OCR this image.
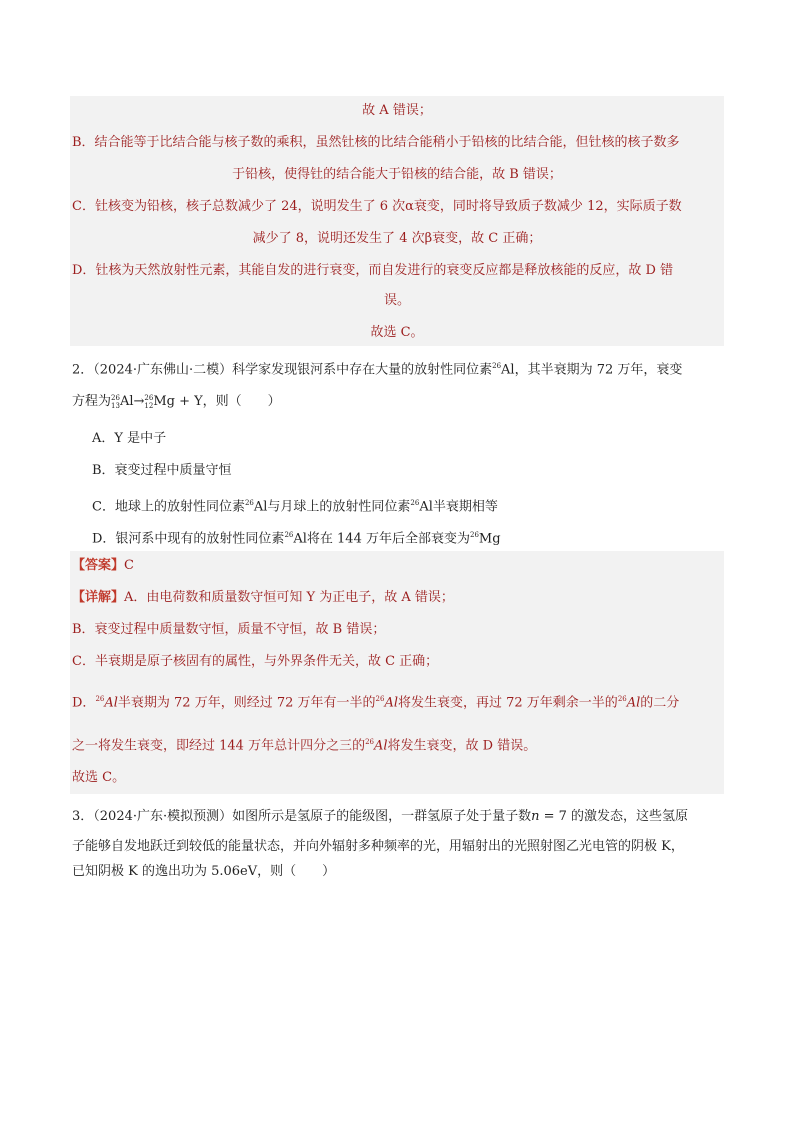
故 A 错误；
B．结合能等于比结合能与核子数的乘积，虽然钍核的比结合能稍小于铅核的比结合能，但钍核的核子数多
于铅核，使得钍的结合能大于铅核的结合能，故 B 错误；
C．钍核变为铅核，核子总数减少了 24，说明发生了 6 次α衰变，同时将导致质子数减少 12，实际质子数
减少了 8，说明还发生了 4 次β衰变，故 C 正确；
D．钍核为天然放射性元素，其能自发的进行衰变，而自发进行的衰变反应都是释放核能的反应，故 D 错
误。
故选 C。
2．（2024·广东佛山·二模）科学家发现银河系中存在大量的放射性同位素$^{26}$Al，其半衰期为 72 万年，衰变
方程为26
13Al→26
12Mg + Y，则（　　）
A．Y 是中子
B．衰变过程中质量守恒
C．地球上的放射性同位素$^{26}$Al与月球上的放射性同位素$^{26}$Al半衰期相等
D．银河系中现有的放射性同位素$^{26}$Al将在 144 万年后全部衰变为$^{26}$Mg
【答案】C
【详解】A．由电荷数和质量数守恒可知 Y 为正电子，故 A 错误；
B．衰变过程中质量数守恒，质量不守恒，故 B 错误；
C．半衰期是原子核固有的属性，与外界条件无关，故 C 正确；
D．$^{26}$Al半衰期为 72 万年，则经过 72 万年有一半的$^{26}$Al将发生衰变，再过 72 万年剩余一半的$^{26}$Al的二分
之一将发生衰变，即经过 144 万年总计四分之三的$^{26}$Al将发生衰变，故 D 错误。
故选 C。
3．（2024·广东·模拟预测）如图所示是氢原子的能级图，一群氢原子处于量子数n = 7 的激发态，这些氢原
子能够自发地跃迁到较低的能量状态，并向外辐射多种频率的光，用辐射出的光照射图乙光电管的阴极 K，
已知阴极 K 的逸出功为 5.06eV，则（　　）
